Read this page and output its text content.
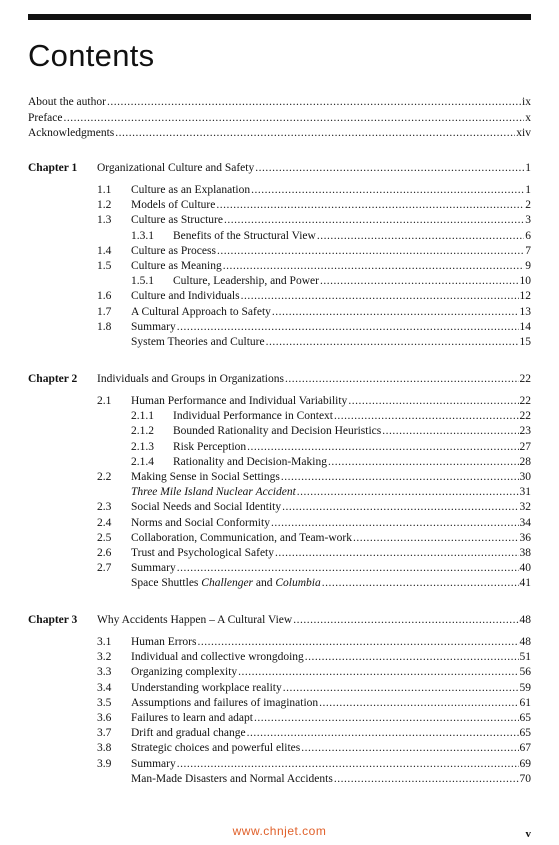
Contents
About the author .....	ix
Preface .....	x
Acknowledgments .....	xiv
Chapter 1 Organizational Culture and Safety .....	1
1.1 Culture as an Explanation .....	1
1.2 Models of Culture .....	2
1.3 Culture as Structure .....	3
1.3.1 Benefits of the Structural View .....	6
1.4 Culture as Process .....	7
1.5 Culture as Meaning .....	9
1.5.1 Culture, Leadership, and Power .....	10
1.6 Culture and Individuals .....	12
1.7 A Cultural Approach to Safety .....	13
1.8 Summary .....	14
System Theories and Culture .....	15
Chapter 2 Individuals and Groups in Organizations .....	22
2.1 Human Performance and Individual Variability .....	22
2.1.1 Individual Performance in Context .....	22
2.1.2 Bounded Rationality and Decision Heuristics .....	23
2.1.3 Risk Perception .....	27
2.1.4 Rationality and Decision-Making .....	28
2.2 Making Sense in Social Settings .....	30
Three Mile Island Nuclear Accident .....	31
2.3 Social Needs and Social Identity .....	32
2.4 Norms and Social Conformity .....	34
2.5 Collaboration, Communication, and Team-work .....	36
2.6 Trust and Psychological Safety .....	38
2.7 Summary .....	40
Space Shuttles Challenger and Columbia .....	41
Chapter 3 Why Accidents Happen – A Cultural View .....	48
3.1 Human Errors .....	48
3.2 Individual and collective wrongdoing .....	51
3.3 Organizing complexity .....	56
3.4 Understanding workplace reality .....	59
3.5 Assumptions and failures of imagination .....	61
3.6 Failures to learn and adapt .....	65
3.7 Drift and gradual change .....	65
3.8 Strategic choices and powerful elites .....	67
3.9 Summary .....	69
Man-Made Disasters and Normal Accidents .....	70
www.chnjet.com	v
